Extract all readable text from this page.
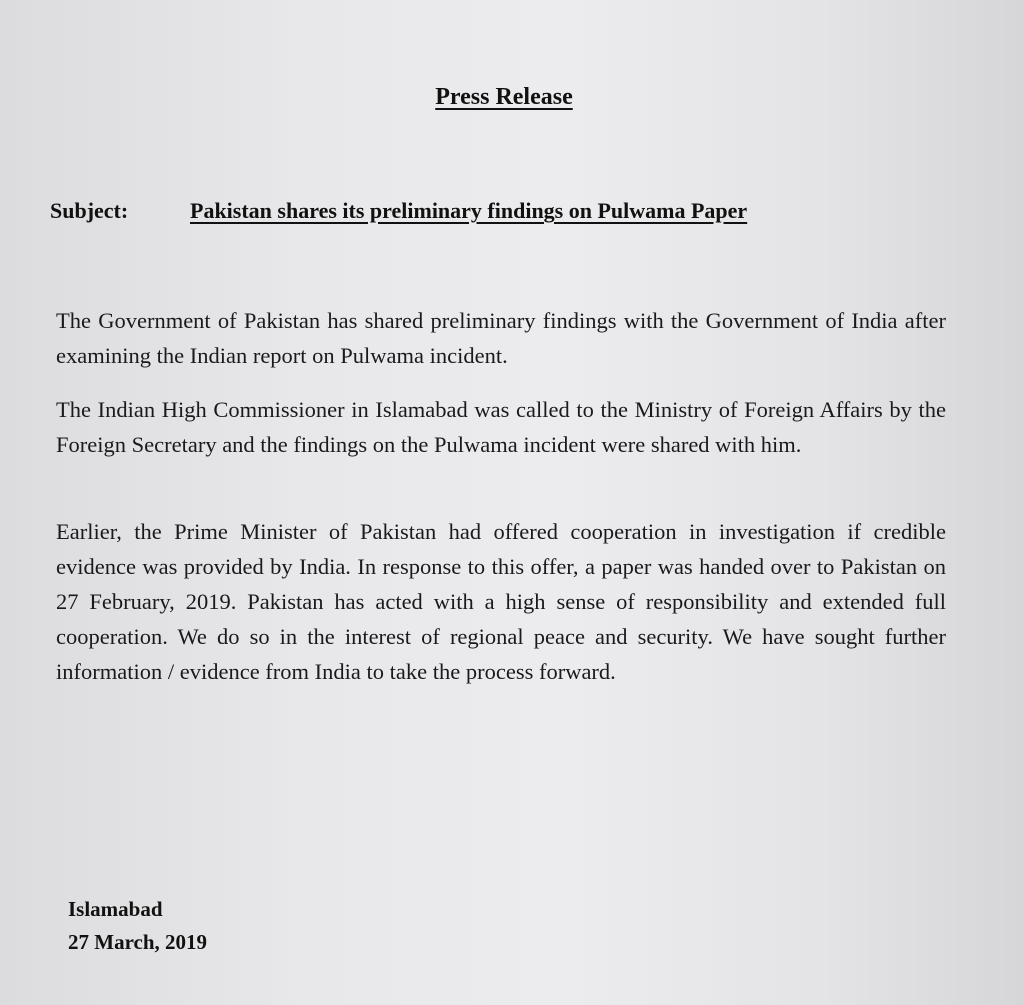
Press Release
Subject:	Pakistan shares its preliminary findings on Pulwama Paper
The Government of Pakistan has shared preliminary findings with the Government of India after examining the Indian report on Pulwama incident.
The Indian High Commissioner in Islamabad was called to the Ministry of Foreign Affairs by the Foreign Secretary and the findings on the Pulwama incident were shared with him.
Earlier, the Prime Minister of Pakistan had offered cooperation in investigation if credible evidence was provided by India. In response to this offer, a paper was handed over to Pakistan on 27 February, 2019. Pakistan has acted with a high sense of responsibility and extended full cooperation. We do so in the interest of regional peace and security. We have sought further information / evidence from India to take the process forward.
Islamabad
27 March, 2019
